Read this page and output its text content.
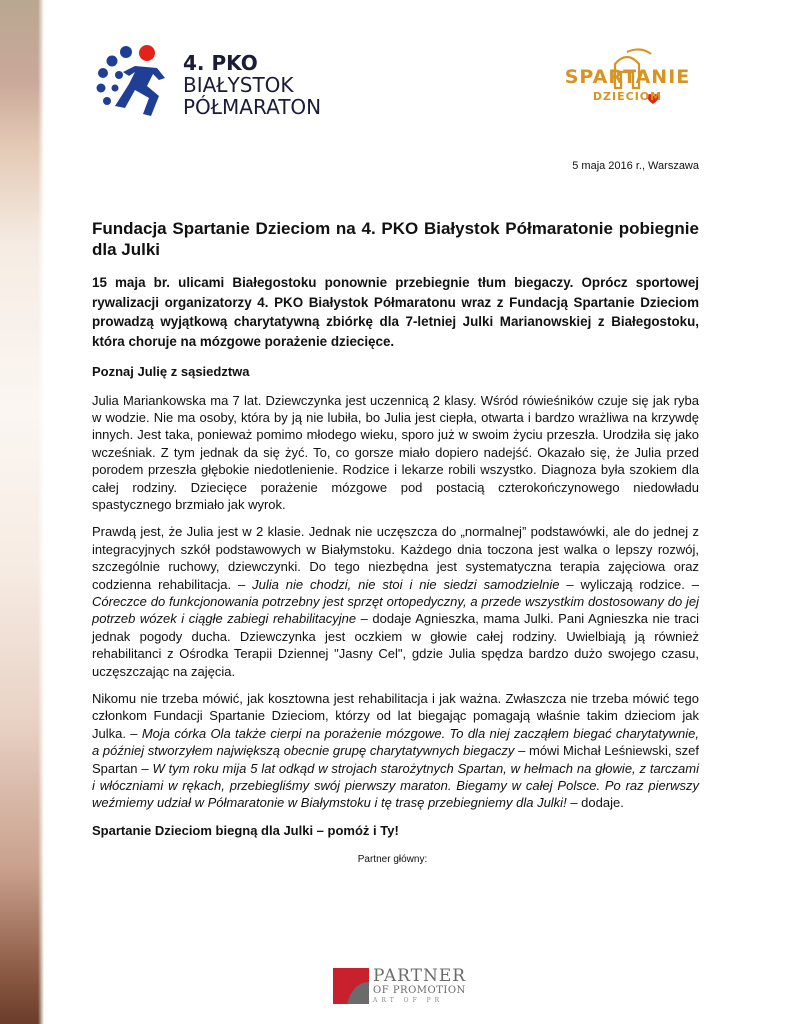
4. PKO
BIAŁYSTOK
PÓŁMARATON
SPARTANIE
DZIECIOM
5 maja 2016 r., Warszawa
Fundacja Spartanie Dzieciom na 4. PKO Białystok Półmaratonie pobiegnie dla Julki
15 maja br. ulicami Białegostoku ponownie przebiegnie tłum biegaczy. Oprócz sportowej rywalizacji organizatorzy 4. PKO Białystok Półmaratonu wraz z Fundacją Spartanie Dzieciom prowadzą wyjątkową charytatywną zbiórkę dla 7-letniej Julki Marianowskiej z Białegostoku, która choruje na mózgowe porażenie dziecięce.
Poznaj Julię z sąsiedztwa
Julia Mariankowska ma 7 lat. Dziewczynka jest uczennicą 2 klasy. Wśród rówieśników czuje się jak ryba w wodzie. Nie ma osoby, która by ją nie lubiła, bo Julia jest ciepła, otwarta i bardzo wrażliwa na krzywdę innych. Jest taka, ponieważ pomimo młodego wieku, sporo już w swoim życiu przeszła. Urodziła się jako wcześniak. Z tym jednak da się żyć. To, co gorsze miało dopiero nadejść. Okazało się, że Julia przed porodem przeszła głębokie niedotlenienie. Rodzice i lekarze robili wszystko. Diagnoza była szokiem dla całej rodziny. Dziecięce porażenie mózgowe pod postacią czterokończynowego niedowładu spastycznego brzmiało jak wyrok.
Prawdą jest, że Julia jest w 2 klasie. Jednak nie uczęszcza do „normalnej” podstawówki, ale do jednej z integracyjnych szkół podstawowych w Białymstoku. Każdego dnia toczona jest walka o lepszy rozwój, szczególnie ruchowy, dziewczynki. Do tego niezbędna jest systematyczna terapia zajęciowa oraz codzienna rehabilitacja. – Julia nie chodzi, nie stoi i nie siedzi samodzielnie – wyliczają rodzice. – Córeczce do funkcjonowania potrzebny jest sprzęt ortopedyczny, a przede wszystkim dostosowany do jej potrzeb wózek i ciągłe zabiegi rehabilitacyjne – dodaje Agnieszka, mama Julki. Pani Agnieszka nie traci jednak pogody ducha. Dziewczynka jest oczkiem w głowie całej rodziny. Uwielbiają ją również rehabilitanci z Ośrodka Terapii Dziennej "Jasny Cel", gdzie Julia spędza bardzo dużo swojego czasu, uczęszczając na zajęcia.
Nikomu nie trzeba mówić, jak kosztowna jest rehabilitacja i jak ważna. Zwłaszcza nie trzeba mówić tego członkom Fundacji Spartanie Dzieciom, którzy od lat biegając pomagają właśnie takim dzieciom jak Julka. – Moja córka Ola także cierpi na porażenie mózgowe. To dla niej zacząłem biegać charytatywnie, a później stworzyłem największą obecnie grupę charytatywnych biegaczy – mówi Michał Leśniewski, szef Spartan – W tym roku mija 5 lat odkąd w strojach starożytnych Spartan, w hełmach na głowie, z tarczami i włóczniami w rękach, przebiegliśmy swój pierwszy maraton. Biegamy w całej Polsce. Po raz pierwszy weźmiemy udział w Półmaratonie w Białymstoku i tę trasę przebiegniemy dla Julki! – dodaje.
Spartanie Dzieciom biegną dla Julki – pomóż i Ty!
Partner główny:
PARTNER
OF PROMOTION
ART OF PR
